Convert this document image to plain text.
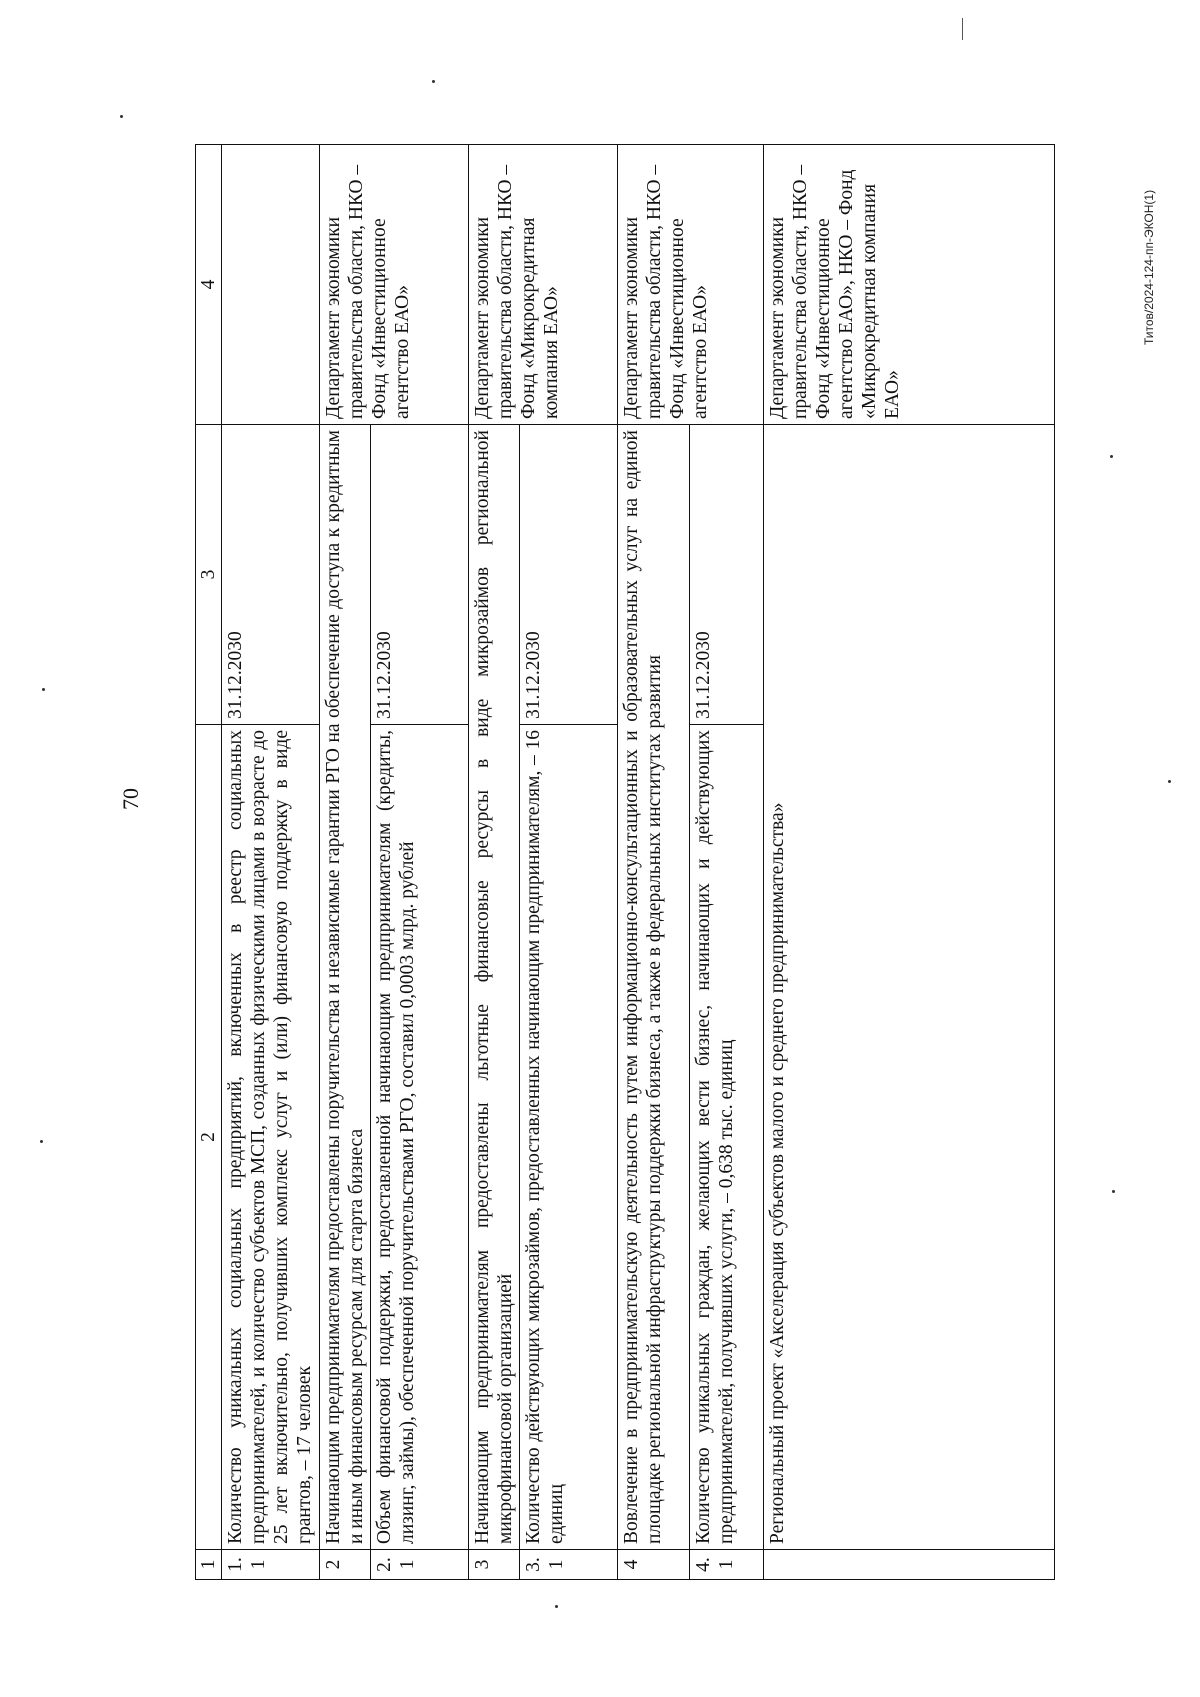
70
Титов/2024-124-пп-ЭКОН(1)
1	2	3	4
1.1	Количество уникальных социальных предприятий, включенных в реестр социальных предпринимателей, и количество субъектов МСП, созданных физическими лицами в возрасте до 25 лет включительно, получивших комплекс услуг и (или) финансовую поддержку в виде грантов, – 17 человек	31.12.2030	
2	Начинающим предпринимателям предоставлены поручительства и независимые гарантии РГО на обеспечение доступа к кредитным и иным финансовым ресурсам для старта бизнеса		Департамент экономики правительства области, НКО – Фонд «Инвестиционное агентство ЕАО»
2.1	Объем финансовой поддержки, предоставленной начинающим предпринимателям (кредиты, лизинг, займы), обеспеченной поручительствами РГО, составил 0,0003 млрд. рублей	31.12.2030	
3	Начинающим предпринимателям предоставлены льготные финансовые ресурсы в виде микрозаймов региональной микрофинансовой организацией		Департамент экономики правительства области, НКО – Фонд «Микрокредитная компания ЕАО»
3.1	Количество действующих микрозаймов, предоставленных начинающим предпринимателям, – 16 единиц	31.12.2030	
4	Вовлечение в предпринимательскую деятельность путем информационно-консультационных и образовательных услуг на единой площадке региональной инфраструктуры поддержки бизнеса, а также в федеральных институтах развития		Департамент экономики правительства области, НКО – Фонд «Инвестиционное агентство ЕАО»
4.1	Количество уникальных граждан, желающих вести бизнес, начинающих и действующих предпринимателей, получивших услуги, – 0,638 тыс. единиц	31.12.2030	
	Региональный проект «Акселерация субъектов малого и среднего предпринимательства»		Департамент экономики правительства области, НКО – Фонд «Инвестиционное агентство ЕАО», НКО – Фонд «Микрокредитная компания ЕАО»
